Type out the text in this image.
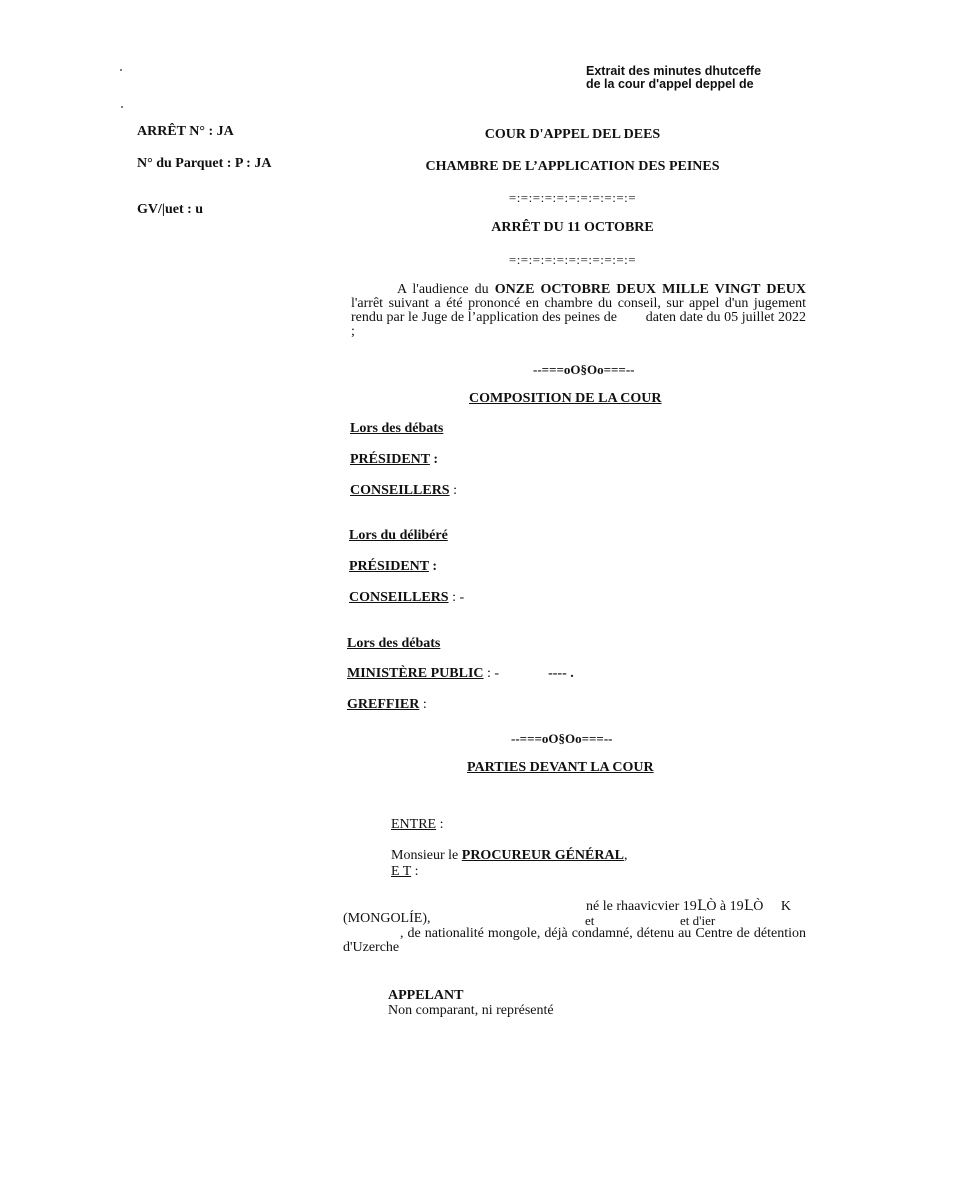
Extrait des minutes dhutceffe
de la cour d'appel deppel de
ARRÊT N° : JA
N° du Parquet : P : JA
GV/|uet : u
COUR D'APPEL DEL DEES
CHAMBRE DE L’APPLICATION DES PEINES
=:=:=:=:=:=:=:=:=:=:=
ARRÊT DU 11 OCTOBRE
=:=:=:=:=:=:=:=:=:=:=
A l'audience du ONZE OCTOBRE DEUX MILLE VINGT DEUX l'arrêt suivant a été prononcé en chambre du conseil, sur appel d'un jugement rendu par le Juge de l’application des peines de daten date du 05 juillet 2022 ;
--===oO§Oo===--
COMPOSITION DE LA COUR
Lors des débats
PRÉSIDENT :
CONSEILLERS :
Lors du délibéré
PRÉSIDENT :
CONSEILLERS : -
Lors des débats
MINISTÈRE PUBLIC : -              ---- .
GREFFIER :
--===oO§Oo===--
PARTIES DEVANT LA COUR
ENTRE :
Monsieur le PROCUREUR GÉNÉRAL,
E T :
né le rhaavicvier 19ԼÒ à 19ԼÒ K
(MONGOLÍE),	et	et d'ier
, de nationalité mongole, déjà condamné, détenu au Centre de détention d'Uzerche
APPELANT
Non comparant, ni représenté
